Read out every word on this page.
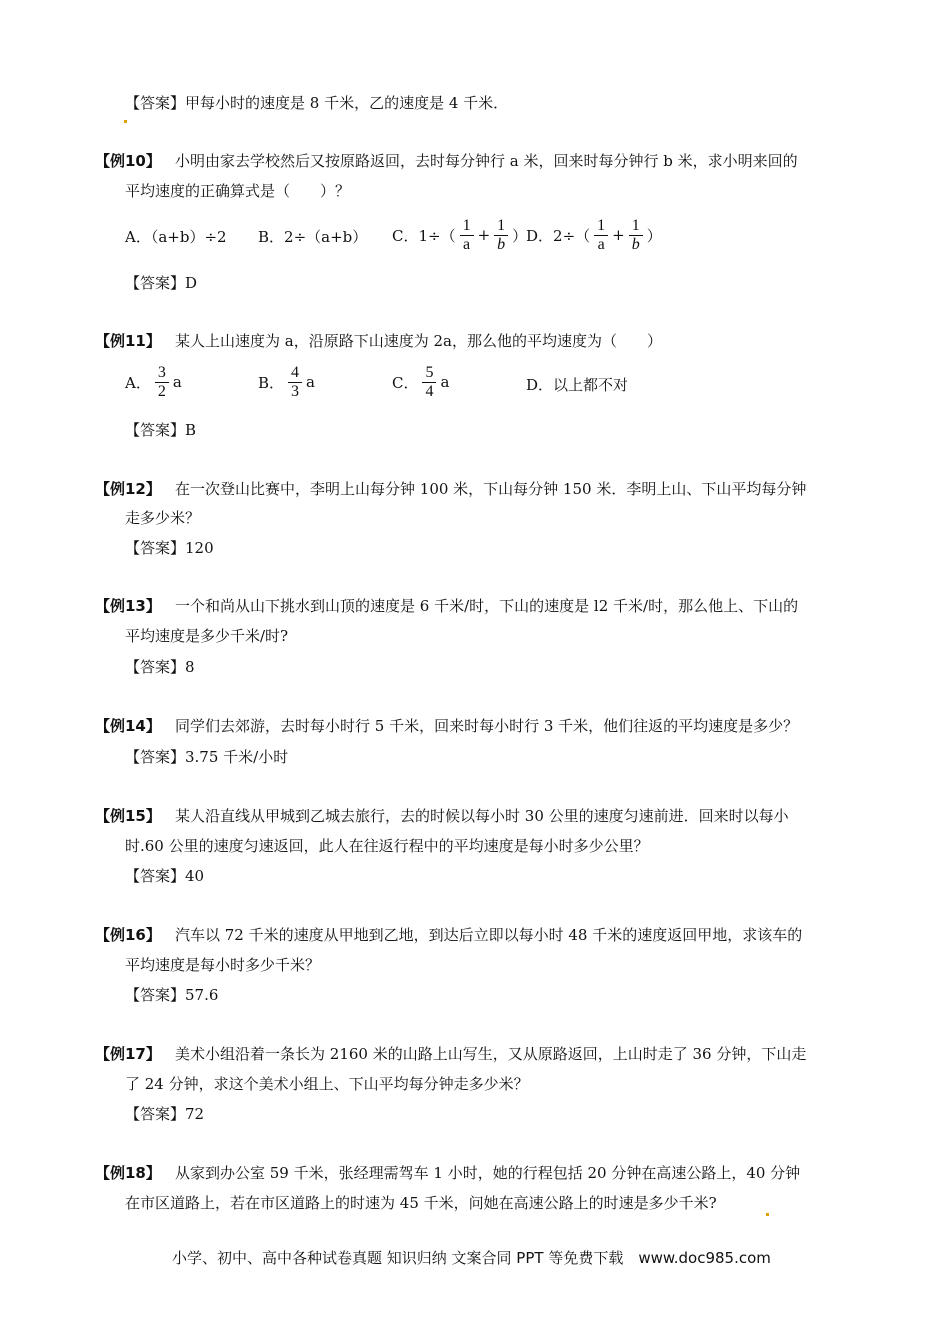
【答案】甲每小时的速度是 8 千米，乙的速度是 4 千米．
【例10】 小明由家去学校然后又按原路返回，去时每分钟行 a 米，回来时每分钟行 b 米，求小明来回的
平均速度的正确算式是（　　）？
A．（a+b）÷2 B．2÷（a+b） C．$1\div( \frac{1}{a} + \frac{1}{b}$ ）
D．$2\div( \frac{1}{a} + \frac{1}{b}$ ）
【答案】D
【例11】 某人上山速度为 a，沿原路下山速度为 2a，那么他的平均速度为（　　）
A． $\frac{3}{2}$ a	B． $\frac{4}{3}$ a	C． $\frac{5}{4}$ a	D．以上都不对
【答案】B
【例12】 在一次登山比赛中，李明上山每分钟 100 米，下山每分钟 150 米．李明上山、下山平均每分钟
走多少米？
【答案】120
【例13】 一个和尚从山下挑水到山顶的速度是 6 千米/时，下山的速度是 l2 千米/时，那么他上、下山的
平均速度是多少千米/时?
【答案】8
【例14】 同学们去郊游，去时每小时行 5 千米，回来时每小时行 3 千米，他们往返的平均速度是多少？
【答案】3.75 千米/小时
【例15】 某人沿直线从甲城到乙城去旅行，去的时候以每小时 30 公里的速度匀速前进．回来时以每小
时.60 公里的速度匀速返回，此人在往返行程中的平均速度是每小时多少公里？
【答案】40
【例16】 汽车以 72 千米的速度从甲地到乙地，到达后立即以每小时 48 千米的速度返回甲地，求该车的
平均速度是每小时多少千米？
【答案】57.6
【例17】 美术小组沿着一条长为 2160 米的山路上山写生，又从原路返回，上山时走了 36 分钟，下山走
了 24 分钟，求这个美术小组上、下山平均每分钟走多少米？
【答案】72
【例18】 从家到办公室 59 千米，张经理需驾车 1 小时，她的行程包括 20 分钟在高速公路上，40 分钟
在市区道路上，若在市区道路上的时速为 45 千米，问她在高速公路上的时速是多少千米?
小学、初中、高中各种试卷真题 知识归纳 文案合同 PPT 等免费下载　www.doc985.com
